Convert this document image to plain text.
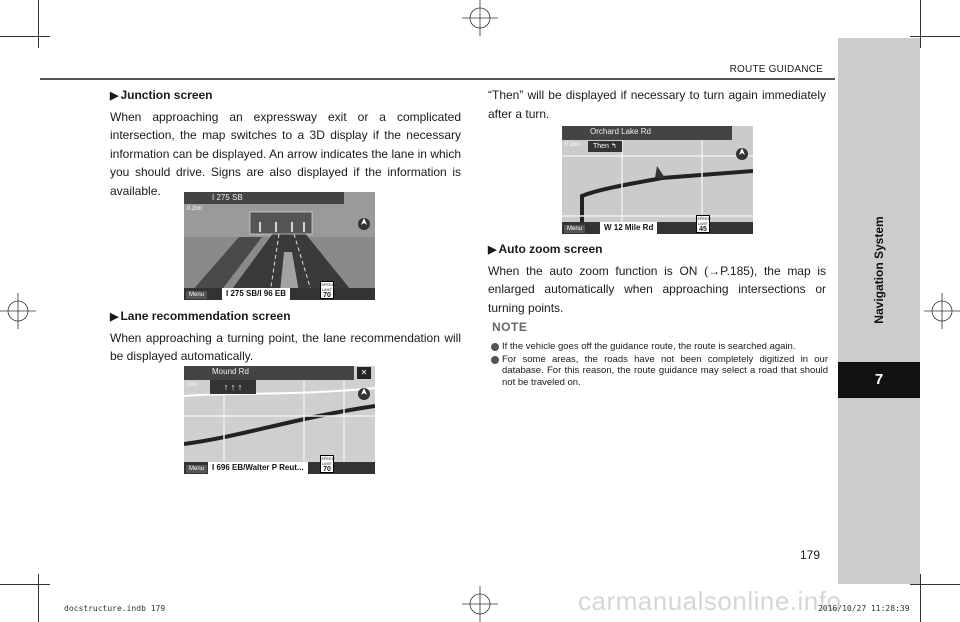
ROUTE GUIDANCE
Navigation System
7
▶ Junction screen

When approaching an expressway exit or a complicated intersection, the map switches to a 3D display if the necessary information can be displayed. An arrow indicates the lane in which you should drive. Signs are also displayed if the information is available.	I 275 SB
0.2mi
Menu	I 275 SB/I 96 EB
SPEED LIMIT
70
▶ Lane recommendation screen

When approaching a turning point, the lane recommendation will be displayed automatically.

Mound Rd
1mi	↑ ↑ ↑
✕
Menu I 696 EB/Walter P Reut...
SPEED LIMIT
70

“Then” will be displayed if necessary to turn again immediately after a turn.

Orchard Lake Rd
0.2mi	Then ↰
Menu	W 12 Mile Rd
SPEED LIMIT
45
▶ Auto zoom screen

When the auto zoom function is ON (→P.185), the map is enlarged automatically when approaching intersections or turning points.

NOTE
If the vehicle goes off the guidance route, the route is searched again.
For some areas, the roads have not been completely digitized in our database. For this reason, the route guidance may select a road that should not be traveled on.
179
carmanualsonline.info
docstructure.indb 179	2016/10/27 11:28:39
